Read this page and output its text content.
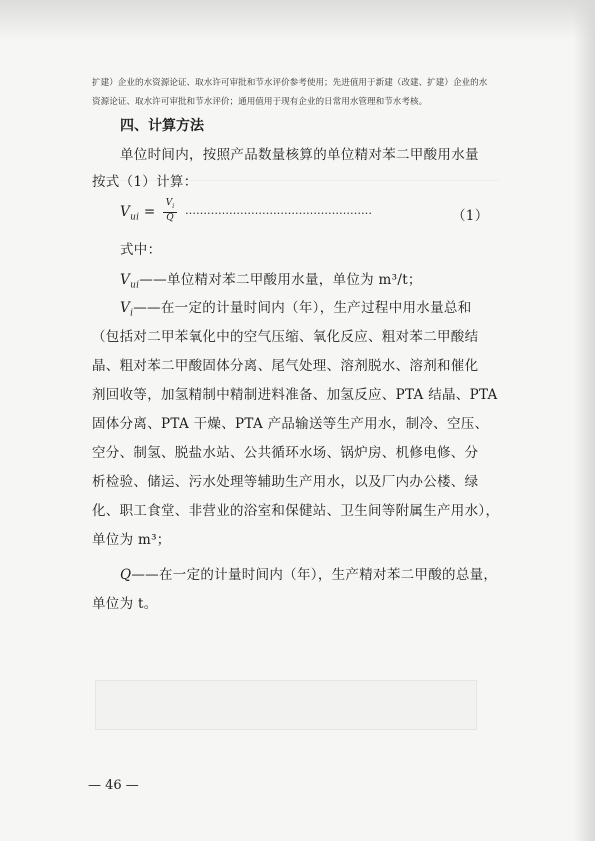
扩建）企业的水资源论证、取水许可审批和节水评价参考使用；先进值用于新建（改建、扩建）企业的水
资源论证、取水许可审批和节水评价；通用值用于现有企业的日常用水管理和节水考核。
四、计算方法
单位时间内，按照产品数量核算的单位精对苯二甲酸用水量
按式（1）计算：
$V_{ui} = \frac{V_i}{Q}$ ……………………………………………	（1）
式中：
$V_{ui}——$单位精对苯二甲酸用水量，单位为 m³/t；
$V_i——$在一定的计量时间内（年），生产过程中用水量总和
（包括对二甲苯氧化中的空气压缩、氧化反应、粗对苯二甲酸结
晶、粗对苯二甲酸固体分离、尾气处理、溶剂脱水、溶剂和催化
剂回收等，加氢精制中精制进料准备、加氢反应、PTA 结晶、PTA
固体分离、PTA 干燥、PTA 产品输送等生产用水，制冷、空压、
空分、制氢、脱盐水站、公共循环水场、锅炉房、机修电修、分
析检验、储运、污水处理等辅助生产用水，以及厂内办公楼、绿
化、职工食堂、非营业的浴室和保健站、卫生间等附属生产用水），
单位为 m³；
Q——在一定的计量时间内（年），生产精对苯二甲酸的总量，
单位为 t。
— 46 —
